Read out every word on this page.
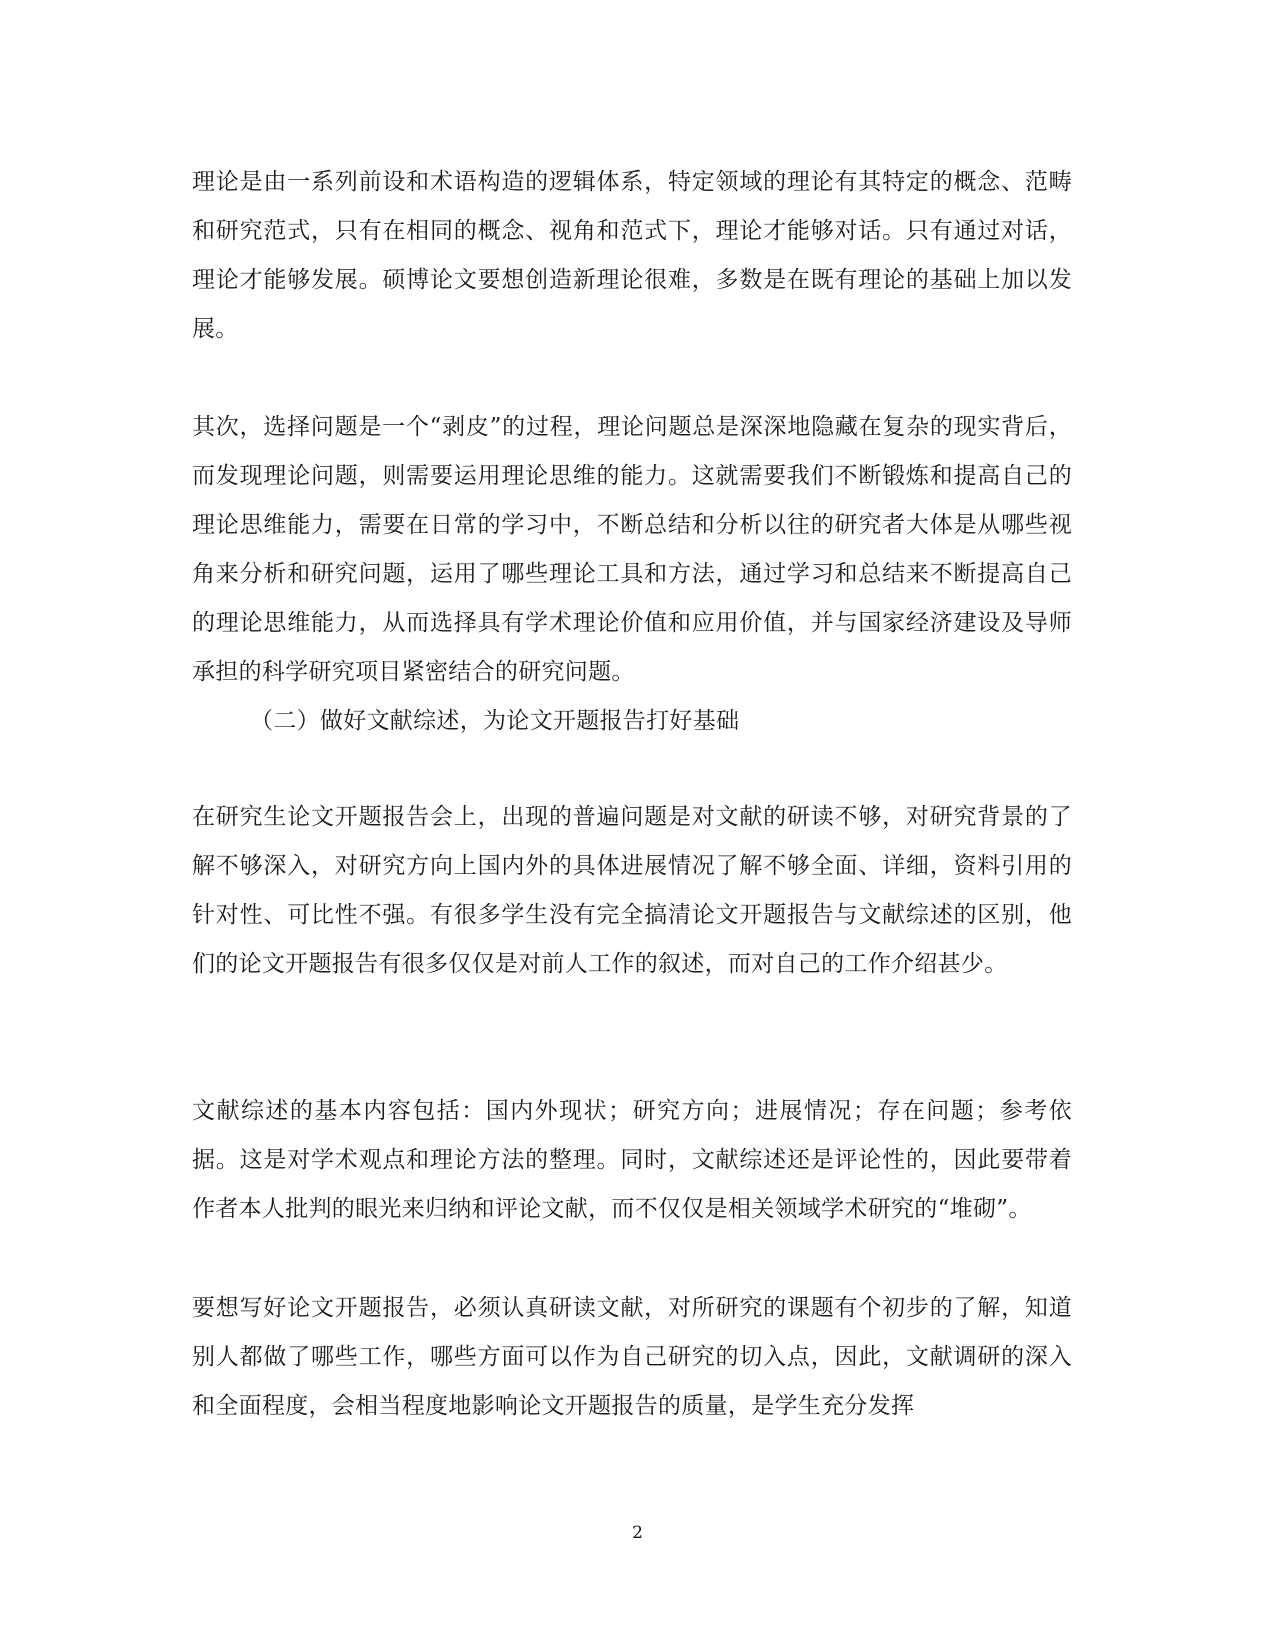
理论是由一系列前设和术语构造的逻辑体系，特定领域的理论有其特定的概念、范畴和研究范式，只有在相同的概念、视角和范式下，理论才能够对话。只有通过对话，理论才能够发展。硕博论文要想创造新理论很难，多数是在既有理论的基础上加以发展。

其次，选择问题是一个“剥皮”的过程，理论问题总是深深地隐藏在复杂的现实背后，而发现理论问题，则需要运用理论思维的能力。这就需要我们不断锻炼和提高自己的理论思维能力，需要在日常的学习中，不断总结和分析以往的研究者大体是从哪些视角来分析和研究问题，运用了哪些理论工具和方法，通过学习和总结来不断提高自己的理论思维能力，从而选择具有学术理论价值和应用价值，并与国家经济建设及导师承担的科学研究项目紧密结合的研究问题。

（二）做好文献综述，为论文开题报告打好基础

在研究生论文开题报告会上，出现的普遍问题是对文献的研读不够，对研究背景的了解不够深入，对研究方向上国内外的具体进展情况了解不够全面、详细，资料引用的针对性、可比性不强。有很多学生没有完全搞清论文开题报告与文献综述的区别，他们的论文开题报告有很多仅仅是对前人工作的叙述，而对自己的工作介绍甚少。

文献综述的基本内容包括：国内外现状；研究方向；进展情况；存在问题；参考依据。这是对学术观点和理论方法的整理。同时，文献综述还是评论性的，因此要带着作者本人批判的眼光来归纳和评论文献，而不仅仅是相关领域学术研究的“堆砌”。

要想写好论文开题报告，必须认真研读文献，对所研究的课题有个初步的了解，知道别人都做了哪些工作，哪些方面可以作为自己研究的切入点，因此，文献调研的深入和全面程度，会相当程度地影响论文开题报告的质量，是学生充分发挥

2
